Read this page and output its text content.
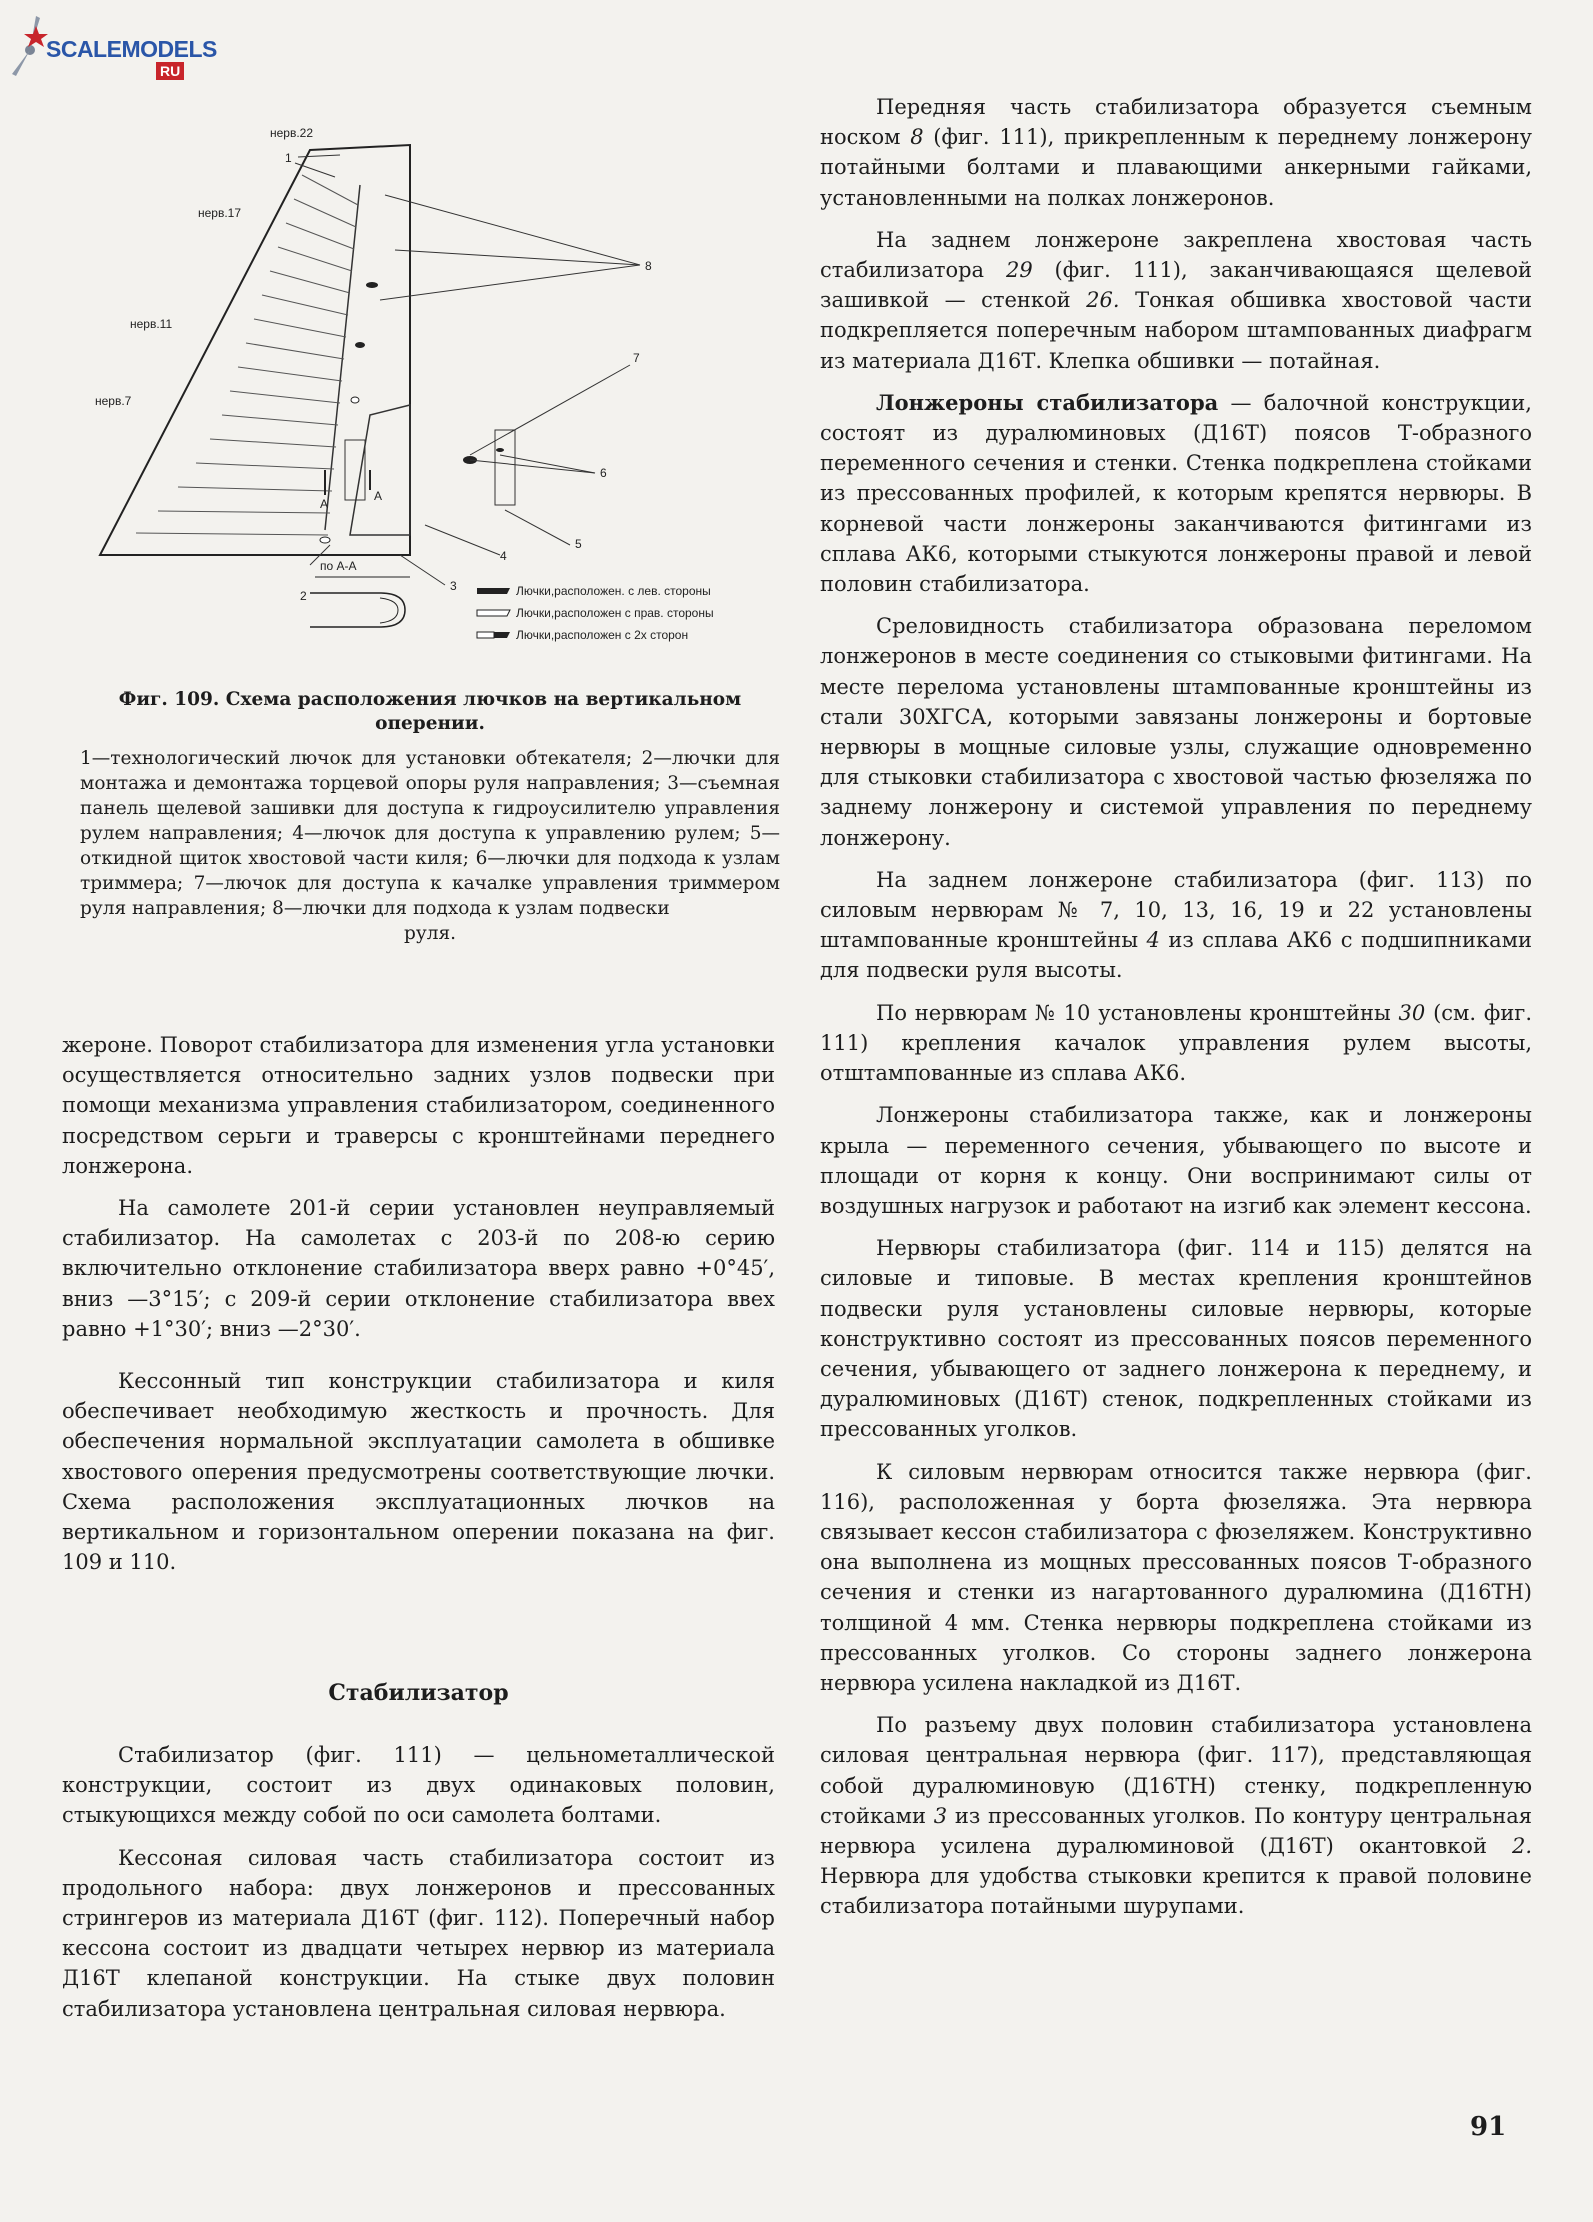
SCALEMODELS
RU
A
A
нерв.22
нерв.17
нерв.11
нерв.7
1
2
3
4
5
6
7
8
по А-А
Лючки,расположен. с лев. стороны
Лючки,расположен с прав. стороны
Лючки,расположен с 2х сторон
Фиг. 109. Схема расположения лючков на вертикальном оперении.
1—технологический лючок для установки обтекателя; 2—лючки для монтажа и демонтажа торцевой опоры руля направления; 3—съемная панель щелевой зашивки для доступа к гидроусилителю управления рулем направления; 4—лючок для доступа к управлению рулем; 5—откидной щиток хвостовой части киля; 6—лючки для подхода к узлам триммера; 7—лючок для доступа к качалке управления триммером руля направления; 8—лючки для подхода к узлам подвески
руля.

жероне. Поворот стабилизатора для изменения угла установки осуществляется относительно задних узлов подвески при помощи механизма управления стабилизатором, соединенного посредством серьги и траверсы с кронштейнами переднего лонжерона.

На самолете 201-й серии установлен неуправляемый стабилизатор. На самолетах с 203-й по 208-ю серию включительно отклонение стабилизатора вверх равно +0°45′, вниз —3°15′; с 209-й серии отклонение стабилизатора ввех равно +1°30′; вниз —2°30′.

Кессонный тип конструкции стабилизатора и киля обеспечивает необходимую жесткость и прочность. Для обеспечения нормальной эксплуатации самолета в обшивке хвостового оперения предусмотрены соответствующие лючки. Схема расположения эксплуатационных лючков на вертикальном и горизонтальном оперении показана на фиг. 109 и 110.

Стабилизатор

Стабилизатор (фиг. 111) — цельнометаллической конструкции, состоит из двух одинаковых половин, стыкующихся между собой по оси самолета болтами.

Кессоная силовая часть стабилизатора состоит из продольного набора: двух лонжеронов и прессованных стрингеров из материала Д16Т (фиг. 112). Поперечный набор кессона состоит из двадцати четырех нервюр из материала Д16Т клепаной конструкции. На стыке двух половин стабилизатора установлена центральная силовая нервюра.

Передняя часть стабилизатора образуется съемным носком 8 (фиг. 111), прикрепленным к переднему лонжерону потайными болтами и плавающими анкерными гайками, установленными на полках лонжеронов.

На заднем лонжероне закреплена хвостовая часть стабилизатора 29 (фиг. 111), заканчивающаяся щелевой зашивкой — стенкой 26. Тонкая обшивка хвостовой части подкрепляется поперечным набором штампованных диафрагм из материала Д16Т. Клепка обшивки — потайная.

Лонжероны стабилизатора — балочной конструкции, состоят из дуралюминовых (Д16Т) поясов Т-образного переменного сечения и стенки. Стенка подкреплена стойками из прессованных профилей, к которым крепятся нервюры. В корневой части лонжероны заканчиваются фитингами из сплава АК6, которыми стыкуются лонжероны правой и левой половин стабилизатора.

Среловидность стабилизатора образована переломом лонжеронов в месте соединения со стыковыми фитингами. На месте перелома установлены штампованные кронштейны из стали 30ХГСА, которыми завязаны лонжероны и бортовые нервюры в мощные силовые узлы, служащие одновременно для стыковки стабилизатора с хвостовой частью фюзеляжа по заднему лонжерону и системой управления по переднему лонжерону.

На заднем лонжероне стабилизатора (фиг. 113) по силовым нервюрам № 7, 10, 13, 16, 19 и 22 установлены штампованные кронштейны 4 из сплава АК6 с подшипниками для подвески руля высоты.

По нервюрам № 10 установлены кронштейны 30 (см. фиг. 111) крепления качалок управления рулем высоты, отштампованные из сплава АК6.

Лонжероны стабилизатора также, как и лонжероны крыла — переменного сечения, убывающего по высоте и площади от корня к концу. Они воспринимают силы от воздушных нагрузок и работают на изгиб как элемент кессона.

Нервюры стабилизатора (фиг. 114 и 115) делятся на силовые и типовые. В местах крепления кронштейнов подвески руля установлены силовые нервюры, которые конструктивно состоят из прессованных поясов переменного сечения, убывающего от заднего лонжерона к переднему, и дуралюминовых (Д16Т) стенок, подкрепленных стойками из прессованных уголков.

К силовым нервюрам относится также нервюра (фиг. 116), расположенная у борта фюзеляжа. Эта нервюра связывает кессон стабилизатора с фюзеляжем. Конструктивно она выполнена из мощных прессованных поясов Т-образного сечения и стенки из нагартованного дуралюмина (Д16ТН) толщиной 4 мм. Стенка нервюры подкреплена стойками из прессованных уголков. Со стороны заднего лонжерона нервюра усилена накладкой из Д16Т.

По разъему двух половин стабилизатора установлена силовая центральная нервюра (фиг. 117), представляющая собой дуралюминовую (Д16ТН) стенку, подкрепленную стойками 3 из прессованных уголков. По контуру центральная нервюра усилена дуралюминовой (Д16Т) окантовкой 2. Нервюра для удобства стыковки крепится к правой половине стабилизатора потайными шурупами.

91
